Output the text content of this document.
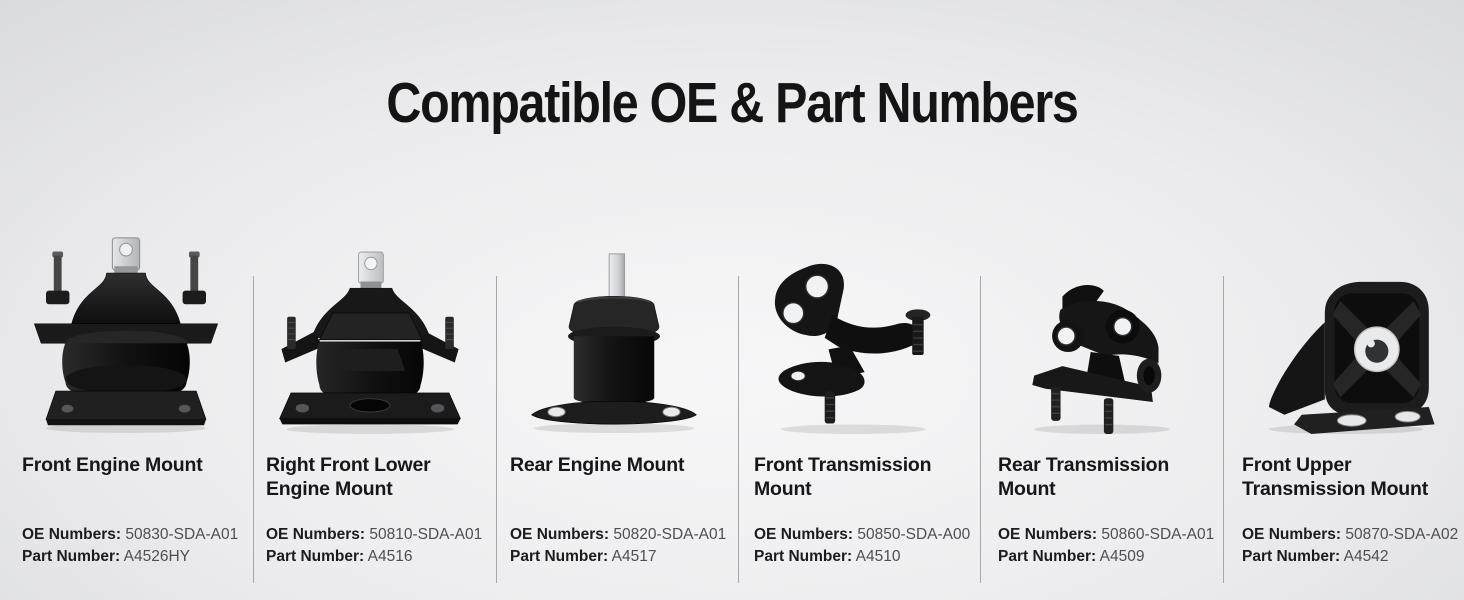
Compatible OE & Part Numbers
Front Engine Mount
OE Numbers: 50830-SDA-A01
Part Number: A4526HY
Right Front Lower Engine Mount
OE Numbers: 50810-SDA-A01
Part Number: A4516
Rear Engine Mount
OE Numbers: 50820-SDA-A01
Part Number: A4517
Front Transmission Mount
OE Numbers: 50850-SDA-A00
Part Number: A4510
Rear Transmission Mount
OE Numbers: 50860-SDA-A01
Part Number: A4509
Front Upper Transmission Mount
OE Numbers: 50870-SDA-A02
Part Number: A4542
